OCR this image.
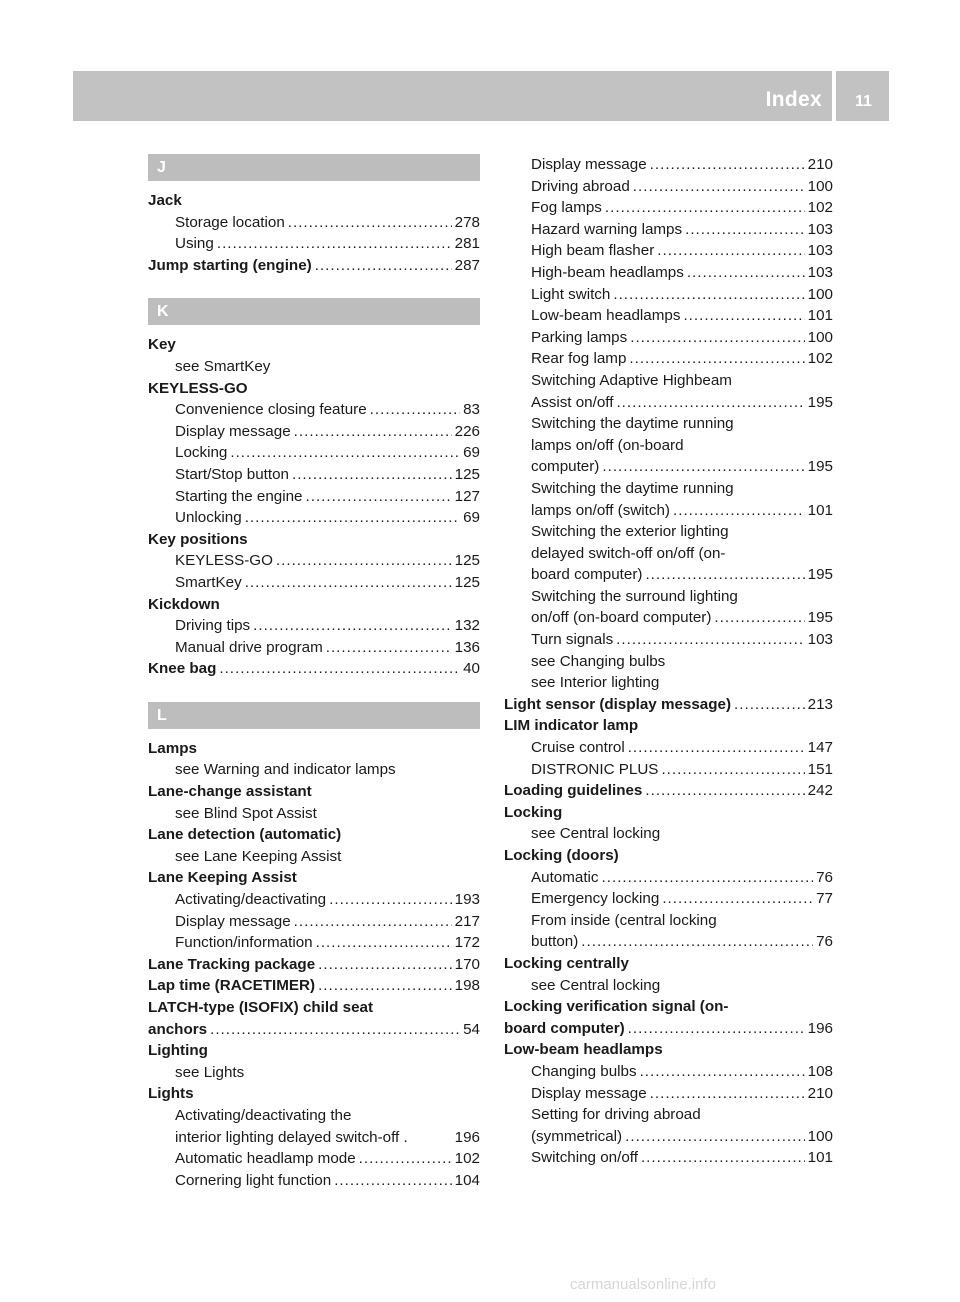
Index	11
J
Jack
Storage location .....	278
Using .....	281
Jump starting (engine) .....	287
K
Key
see SmartKey
KEYLESS-GO
Convenience closing feature .....	83
Display message .....	226
Locking .....	69
Start/Stop button .....	125
Starting the engine .....	127
Unlocking .....	69
Key positions
KEYLESS-GO .....	125
SmartKey .....	125
Kickdown
Driving tips .....	132
Manual drive program .....	136
Knee bag .....	40
L
Lamps
see Warning and indicator lamps
Lane-change assistant
see Blind Spot Assist
Lane detection (automatic)
see Lane Keeping Assist
Lane Keeping Assist
Activating/deactivating .....	193
Display message .....	217
Function/information .....	172
Lane Tracking package .....	170
Lap time (RACETIMER) .....	198
LATCH-type (ISOFIX) child seat
anchors .....	54
Lighting
see Lights
Lights
Activating/deactivating the
interior lighting delayed switch-off .	196
Automatic headlamp mode .....	102
Cornering light function .....	104
Display message .....	210
Driving abroad .....	100
Fog lamps .....	102
Hazard warning lamps .....	103
High beam flasher .....	103
High-beam headlamps .....	103
Light switch .....	100
Low-beam headlamps .....	101
Parking lamps .....	100
Rear fog lamp .....	102
Switching Adaptive Highbeam
Assist on/off .....	195
Switching the daytime running
lamps on/off (on-board
computer) .....	195
Switching the daytime running
lamps on/off (switch) .....	101
Switching the exterior lighting
delayed switch-off on/off (on-
board computer) .....	195
Switching the surround lighting
on/off (on-board computer) .....	195
Turn signals .....	103
see Changing bulbs
see Interior lighting
Light sensor (display message) .....	213
LIM indicator lamp
Cruise control .....	147
DISTRONIC PLUS .....	151
Loading guidelines .....	242
Locking
see Central locking
Locking (doors)
Automatic .....	76
Emergency locking .....	77
From inside (central locking
button) .....	76
Locking centrally
see Central locking
Locking verification signal (on-
board computer) .....	196
Low-beam headlamps
Changing bulbs .....	108
Display message .....	210
Setting for driving abroad
(symmetrical) .....	100
Switching on/off .....	101
carmanualsonline.info
